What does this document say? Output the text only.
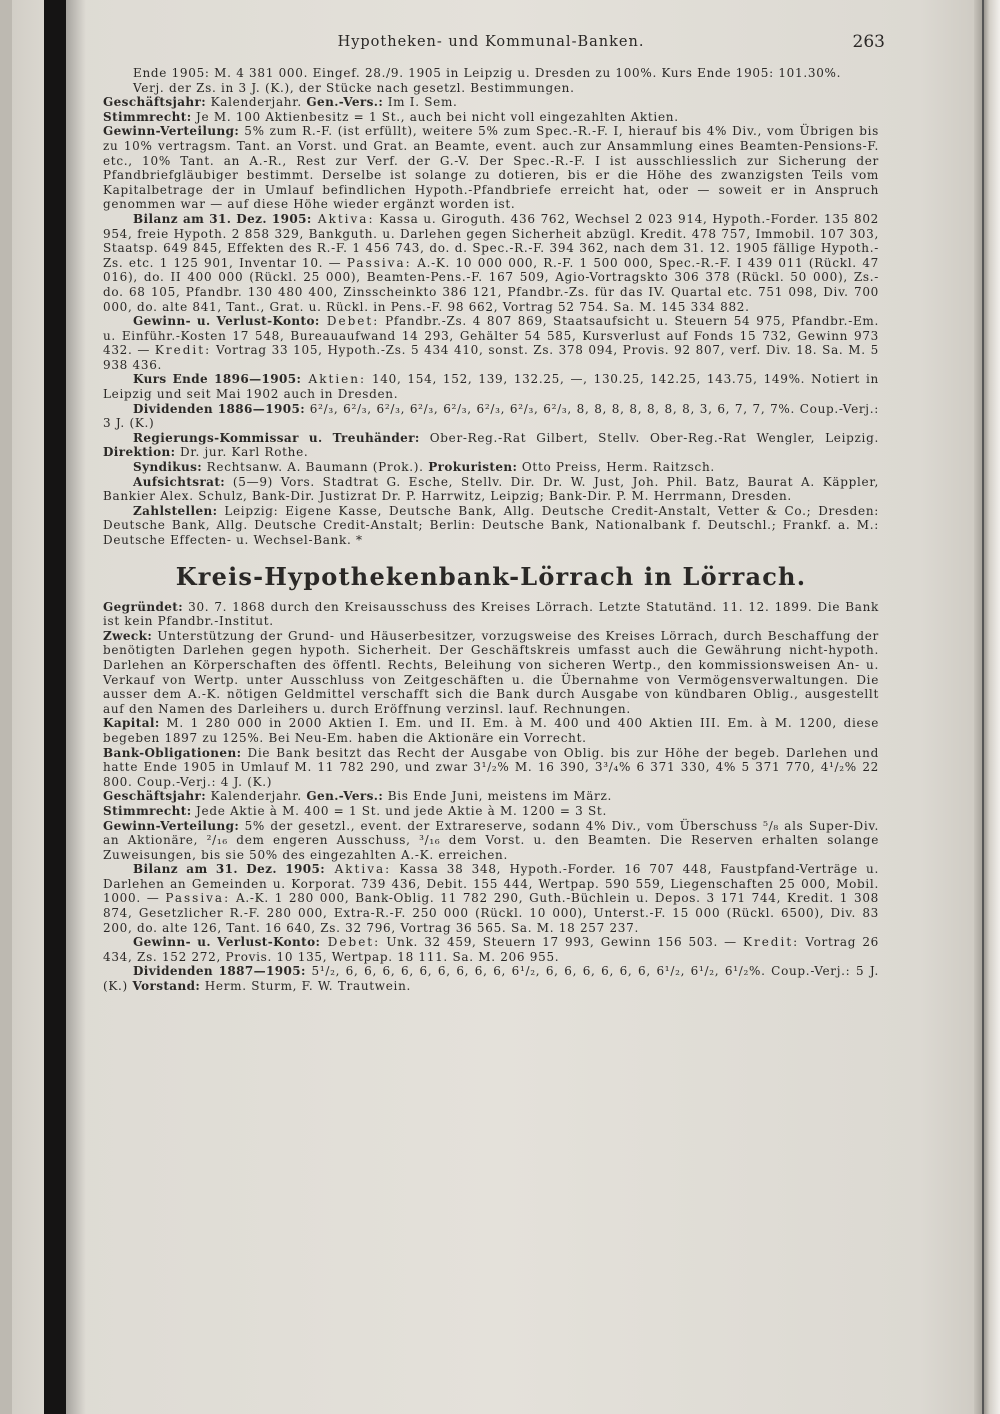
Hypotheken- und Kommunal-Banken.	263

Ende 1905: M. 4 381 000. Eingef. 28./9. 1905 in Leipzig u. Dresden zu 100%. Kurs Ende 1905: 101.30%.

Verj. der Zs. in 3 J. (K.), der Stücke nach gesetzl. Bestimmungen.

Geschäftsjahr: Kalenderjahr. Gen.-Vers.: Im I. Sem.

Stimmrecht: Je M. 100 Aktienbesitz = 1 St., auch bei nicht voll eingezahlten Aktien.

Gewinn-Verteilung: 5% zum R.-F. (ist erfüllt), weitere 5% zum Spec.-R.-F. I, hierauf bis 4% Div., vom Übrigen bis zu 10% vertragsm. Tant. an Vorst. und Grat. an Beamte, event. auch zur Ansammlung eines Beamten-Pensions-F. etc., 10% Tant. an A.-R., Rest zur Verf. der G.-V. Der Spec.-R.-F. I ist ausschliesslich zur Sicherung der Pfandbriefgläubiger bestimmt. Derselbe ist solange zu dotieren, bis er die Höhe des zwanzigsten Teils vom Kapitalbetrage der in Umlauf befindlichen Hypoth.-Pfandbriefe erreicht hat, oder — soweit er in Anspruch genommen war — auf diese Höhe wieder ergänzt worden ist.

Bilanz am 31. Dez. 1905: Aktiva: Kassa u. Giroguth. 436 762, Wechsel 2 023 914, Hypoth.-Forder. 135 802 954, freie Hypoth. 2 858 329, Bankguth. u. Darlehen gegen Sicherheit abzügl. Kredit. 478 757, Immobil. 107 303, Staatsp. 649 845, Effekten des R.-F. 1 456 743, do. d. Spec.-R.-F. 394 362, nach dem 31. 12. 1905 fällige Hypoth.-Zs. etc. 1 125 901, Inventar 10. — Passiva: A.-K. 10 000 000, R.-F. 1 500 000, Spec.-R.-F. I 439 011 (Rückl. 47 016), do. II 400 000 (Rückl. 25 000), Beamten-Pens.-F. 167 509, Agio-Vortragskto 306 378 (Rückl. 50 000), Zs.- do. 68 105, Pfandbr. 130 480 400, Zinsscheinkto 386 121, Pfandbr.-Zs. für das IV. Quartal etc. 751 098, Div. 700 000, do. alte 841, Tant., Grat. u. Rückl. in Pens.-F. 98 662, Vortrag 52 754. Sa. M. 145 334 882.

Gewinn- u. Verlust-Konto: Debet: Pfandbr.-Zs. 4 807 869, Staatsaufsicht u. Steuern 54 975, Pfandbr.-Em. u. Einführ.-Kosten 17 548, Bureauaufwand 14 293, Gehälter 54 585, Kursverlust auf Fonds 15 732, Gewinn 973 432. — Kredit: Vortrag 33 105, Hypoth.-Zs. 5 434 410, sonst. Zs. 378 094, Provis. 92 807, verf. Div. 18. Sa. M. 5 938 436.

Kurs Ende 1896—1905: Aktien: 140, 154, 152, 139, 132.25, —, 130.25, 142.25, 143.75, 149%. Notiert in Leipzig und seit Mai 1902 auch in Dresden.

Dividenden 1886—1905: 6²/₃, 6²/₃, 6²/₃, 6²/₃, 6²/₃, 6²/₃, 6²/₃, 6²/₃, 8, 8, 8, 8, 8, 8, 8, 3, 6, 7, 7, 7%. Coup.-Verj.: 3 J. (K.)

Regierungs-Kommissar u. Treuhänder: Ober-Reg.-Rat Gilbert, Stellv. Ober-Reg.-Rat Wengler, Leipzig. Direktion: Dr. jur. Karl Rothe.

Syndikus: Rechtsanw. A. Baumann (Prok.). Prokuristen: Otto Preiss, Herm. Raitzsch.

Aufsichtsrat: (5—9) Vors. Stadtrat G. Esche, Stellv. Dir. Dr. W. Just, Joh. Phil. Batz, Baurat A. Käppler, Bankier Alex. Schulz, Bank-Dir. Justizrat Dr. P. Harrwitz, Leipzig; Bank-Dir. P. M. Herrmann, Dresden.

Zahlstellen: Leipzig: Eigene Kasse, Deutsche Bank, Allg. Deutsche Credit-Anstalt, Vetter & Co.; Dresden: Deutsche Bank, Allg. Deutsche Credit-Anstalt; Berlin: Deutsche Bank, Nationalbank f. Deutschl.; Frankf. a. M.: Deutsche Effecten- u. Wechsel-Bank. *

Kreis-Hypothekenbank-Lörrach in Lörrach.

Gegründet: 30. 7. 1868 durch den Kreisausschuss des Kreises Lörrach. Letzte Statutänd. 11. 12. 1899. Die Bank ist kein Pfandbr.-Institut.

Zweck: Unterstützung der Grund- und Häuserbesitzer, vorzugsweise des Kreises Lörrach, durch Beschaffung der benötigten Darlehen gegen hypoth. Sicherheit. Der Geschäftskreis umfasst auch die Gewährung nicht-hypoth. Darlehen an Körperschaften des öffentl. Rechts, Beleihung von sicheren Wertp., den kommissionsweisen An- u. Verkauf von Wertp. unter Ausschluss von Zeitgeschäften u. die Übernahme von Vermögensverwaltungen. Die ausser dem A.-K. nötigen Geldmittel verschafft sich die Bank durch Ausgabe von kündbaren Oblig., ausgestellt auf den Namen des Darleihers u. durch Eröffnung verzinsl. lauf. Rechnungen.

Kapital: M. 1 280 000 in 2000 Aktien I. Em. und II. Em. à M. 400 und 400 Aktien III. Em. à M. 1200, diese begeben 1897 zu 125%. Bei Neu-Em. haben die Aktionäre ein Vorrecht.

Bank-Obligationen: Die Bank besitzt das Recht der Ausgabe von Oblig. bis zur Höhe der begeb. Darlehen und hatte Ende 1905 in Umlauf M. 11 782 290, und zwar 3¹/₂% M. 16 390, 3³/₄% 6 371 330, 4% 5 371 770, 4¹/₂% 22 800. Coup.-Verj.: 4 J. (K.)

Geschäftsjahr: Kalenderjahr. Gen.-Vers.: Bis Ende Juni, meistens im März.

Stimmrecht: Jede Aktie à M. 400 = 1 St. und jede Aktie à M. 1200 = 3 St.

Gewinn-Verteilung: 5% der gesetzl., event. der Extrareserve, sodann 4% Div., vom Überschuss ⁵/₈ als Super-Div. an Aktionäre, ²/₁₆ dem engeren Ausschuss, ³/₁₆ dem Vorst. u. den Beamten. Die Reserven erhalten solange Zuweisungen, bis sie 50% des eingezahlten A.-K. erreichen.

Bilanz am 31. Dez. 1905: Aktiva: Kassa 38 348, Hypoth.-Forder. 16 707 448, Faustpfand-Verträge u. Darlehen an Gemeinden u. Korporat. 739 436, Debit. 155 444, Wertpap. 590 559, Liegenschaften 25 000, Mobil. 1000. — Passiva: A.-K. 1 280 000, Bank-Oblig. 11 782 290, Guth.-Büchlein u. Depos. 3 171 744, Kredit. 1 308 874, Gesetzlicher R.-F. 280 000, Extra-R.-F. 250 000 (Rückl. 10 000), Unterst.-F. 15 000 (Rückl. 6500), Div. 83 200, do. alte 126, Tant. 16 640, Zs. 32 796, Vortrag 36 565. Sa. M. 18 257 237.

Gewinn- u. Verlust-Konto: Debet: Unk. 32 459, Steuern 17 993, Gewinn 156 503. — Kredit: Vortrag 26 434, Zs. 152 272, Provis. 10 135, Wertpap. 18 111. Sa. M. 206 955.

Dividenden 1887—1905: 5¹/₂, 6, 6, 6, 6, 6, 6, 6, 6, 6, 6¹/₂, 6, 6, 6, 6, 6, 6, 6¹/₂, 6¹/₂, 6¹/₂%. Coup.-Verj.: 5 J. (K.) Vorstand: Herm. Sturm, F. W. Trautwein.
